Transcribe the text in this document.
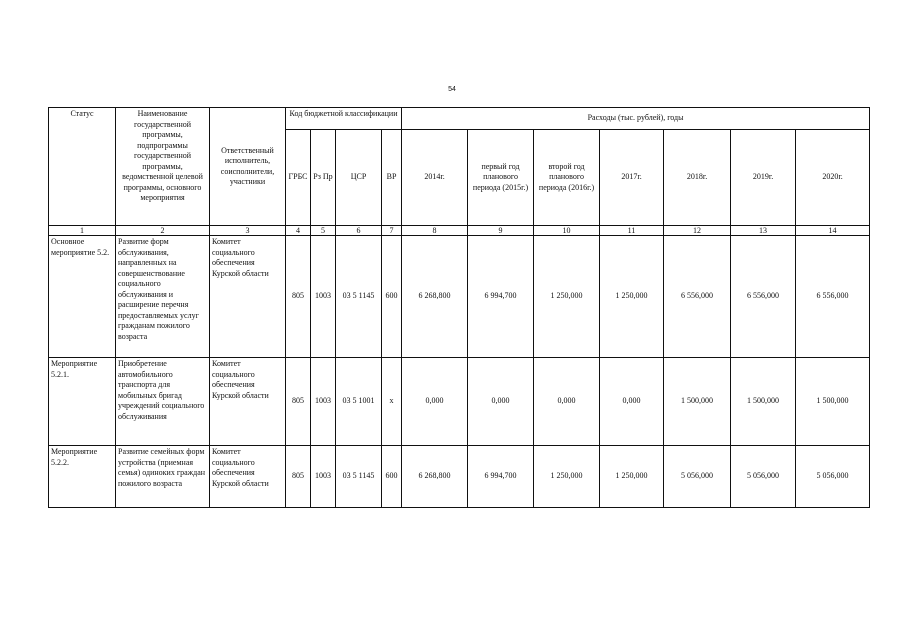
54
Статус	Наименование государственной программы, подпрограммы государственной программы, ведомственной целевой программы, основного мероприятия	Ответственный исполнитель, соисполнители, участники	Код бюджетной классификации				Расходы (тыс. рублей), годы						
			ГРБС	Рз Пр	ЦСР	ВР	2014г.	первый год планового периода (2015г.)	второй год планового периода (2016г.)	2017г.	2018г.	2019г.	2020г.
1	2	3	4	5	6	7	8	9	10	11	12	13	14
Основное мероприятие 5.2.	Развитие форм обслуживания, направленных на совершенствование социального обслуживания и расширение перечня предоставляемых услуг гражданам пожилого возраста	Комитет социального обеспечения Курской области	805	1003	03 5 1145	600	6 268,800	6 994,700	1 250,000	1 250,000	6 556,000	6 556,000	6 556,000
Мероприятие 5.2.1.	Приобретение автомобильного транспорта для мобильных бригад учреждений социального обслуживания	Комитет социального обеспечения Курской области	805	1003	03 5 1001	х	0,000	0,000	0,000	0,000	1 500,000	1 500,000	1 500,000
Мероприятие 5.2.2.	Развитие семейных форм устройства (приемная семья) одиноких граждан пожилого возраста	Комитет социального обеспечения Курской области	805	1003	03 5 1145	600	6 268,800	6 994,700	1 250,000	1 250,000	5 056,000	5 056,000	5 056,000
